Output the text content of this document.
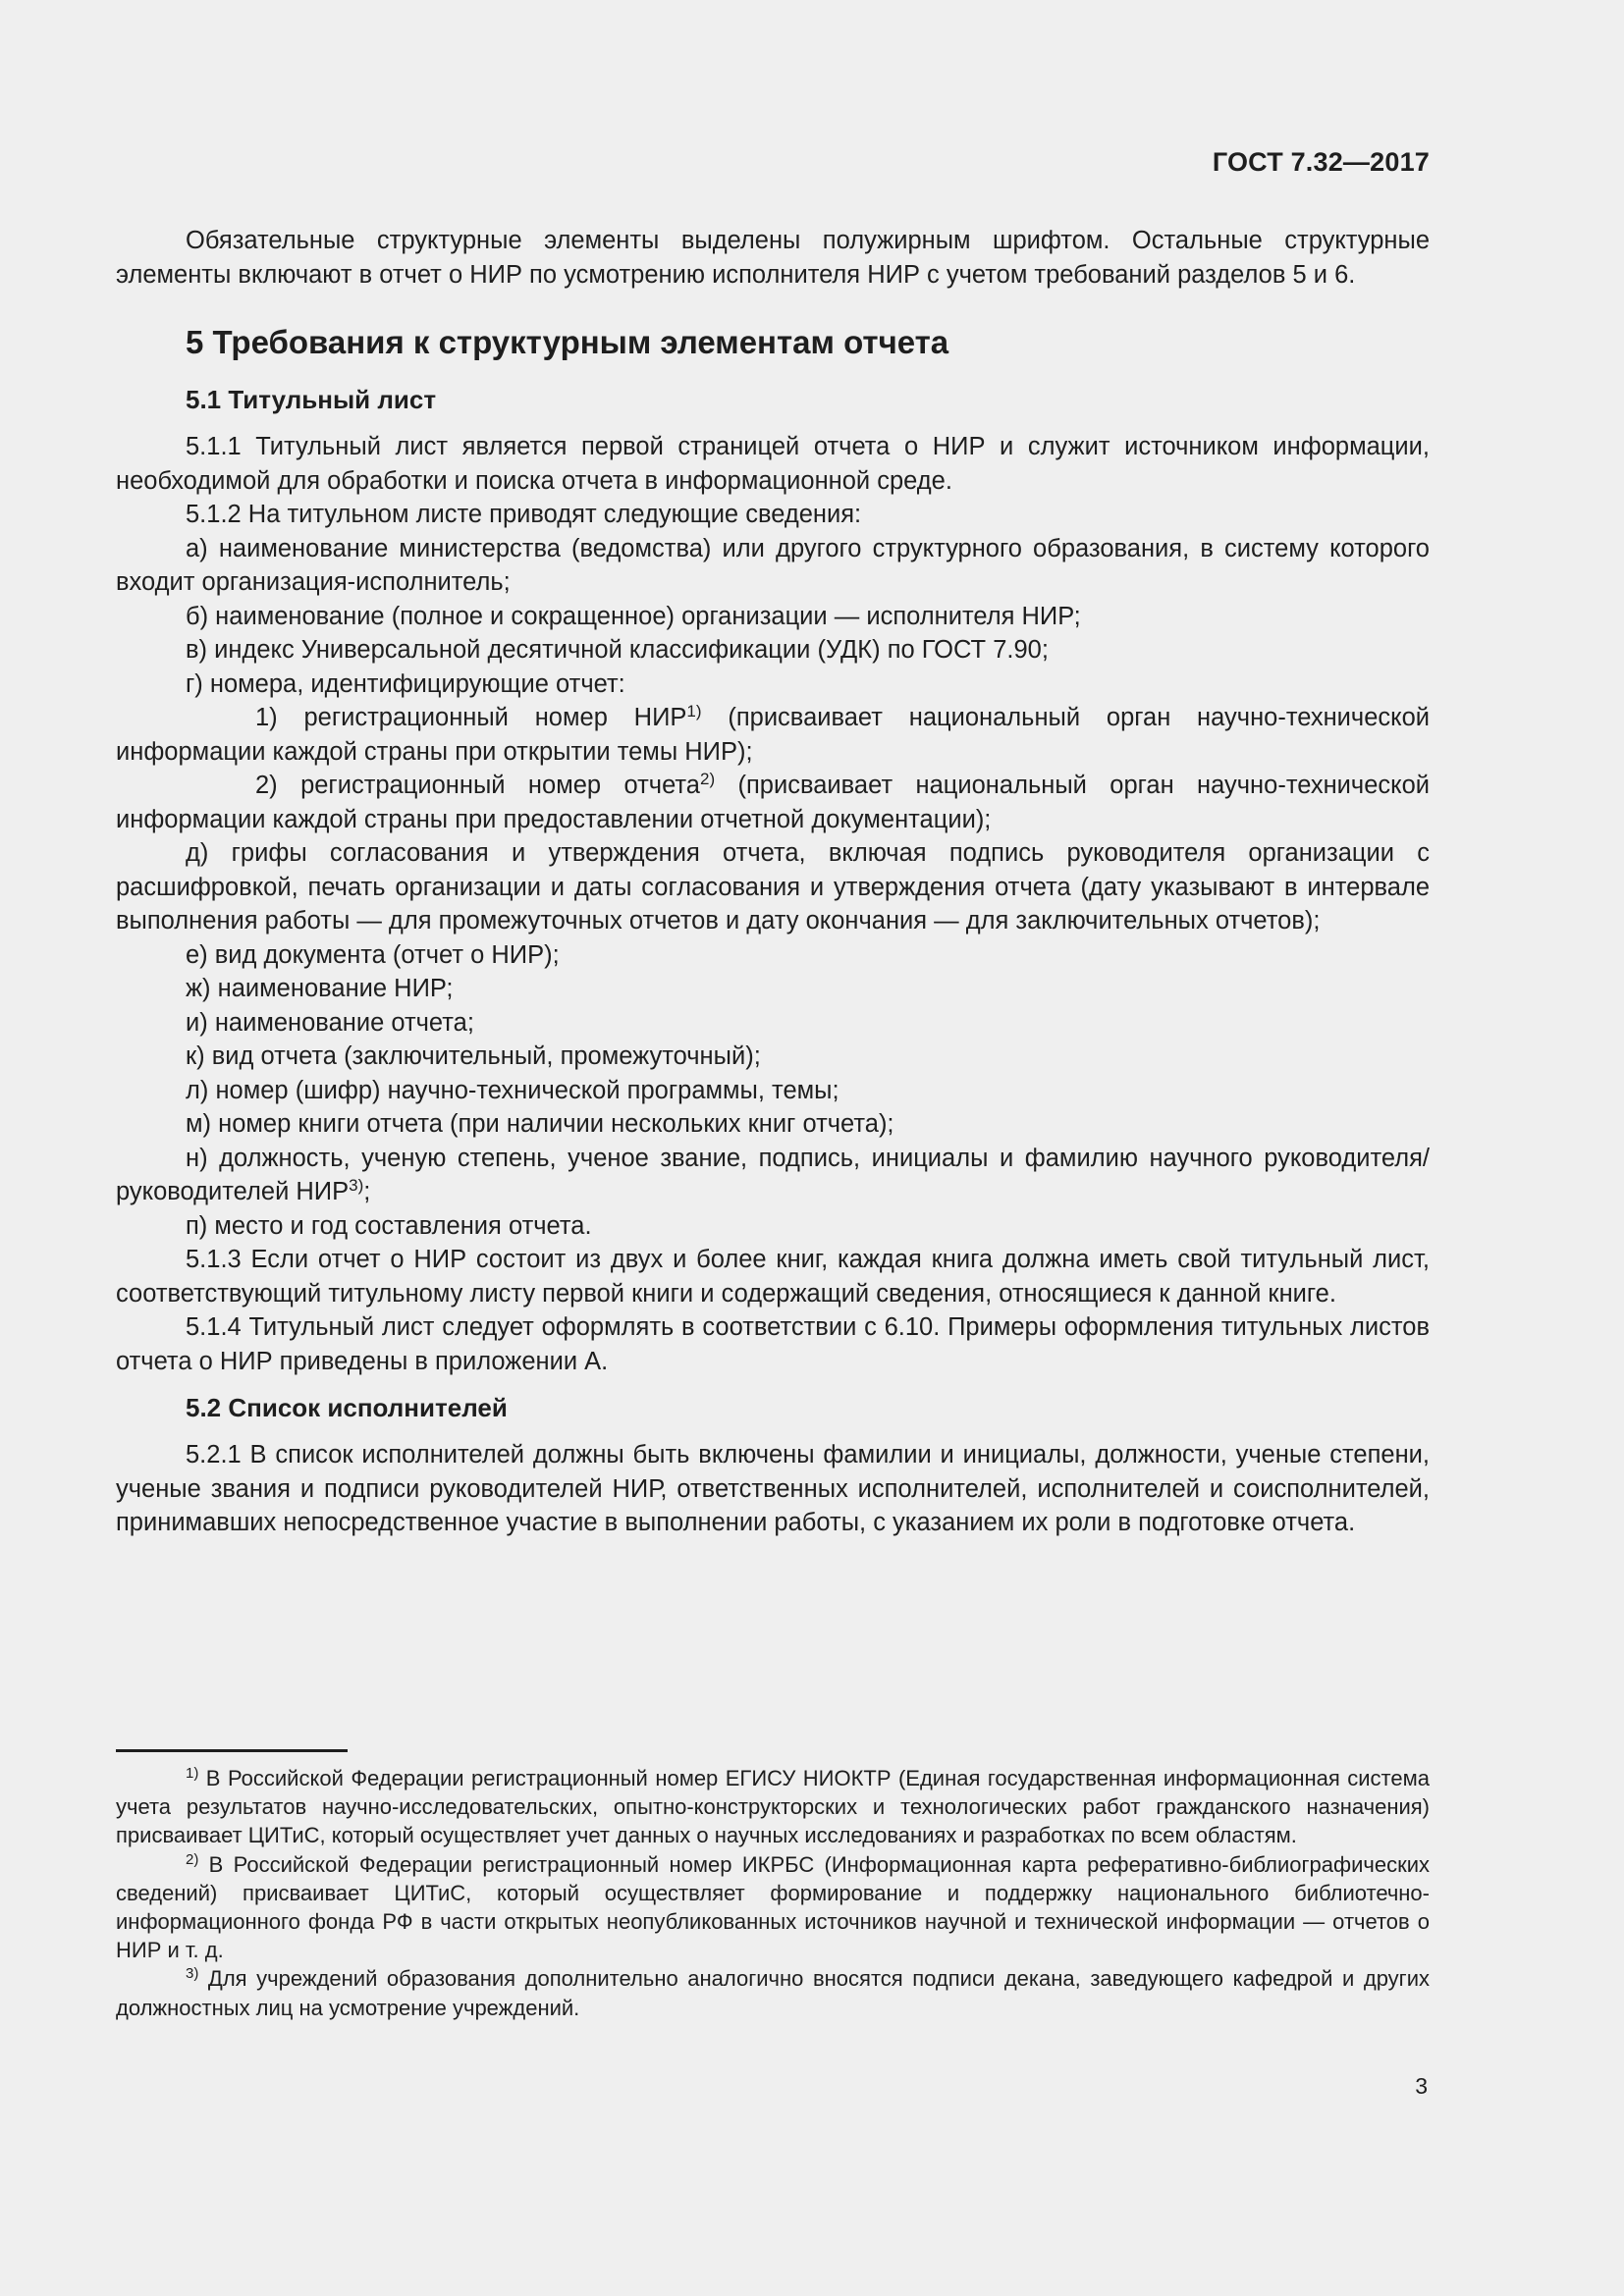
ГОСТ 7.32—2017

Обязательные структурные элементы выделены полужирным шрифтом. Остальные структурные элементы включают в отчет о НИР по усмотрению исполнителя НИР с учетом требований разделов 5 и 6.

5 Требования к структурным элементам отчета
5.1 Титульный лист

5.1.1 Титульный лист является первой страницей отчета о НИР и служит источником информации, необходимой для обработки и поиска отчета в информационной среде.

5.1.2 На титульном листе приводят следующие сведения:

а) наименование министерства (ведомства) или другого структурного образования, в систему которого входит организация-исполнитель;

б) наименование (полное и сокращенное) организации — исполнителя НИР;

в) индекс Универсальной десятичной классификации (УДК) по ГОСТ 7.90;

г) номера, идентифицирующие отчет:

1) регистрационный номер НИР$^{1)}$ (присваивает национальный орган научно-технической информации каждой страны при открытии темы НИР);

2) регистрационный номер отчета$^{2)}$ (присваивает национальный орган научно-технической информации каждой страны при предоставлении отчетной документации);

д) грифы согласования и утверждения отчета, включая подпись руководителя организации с расшифровкой, печать организации и даты согласования и утверждения отчета (дату указывают в интервале выполнения работы — для промежуточных отчетов и дату окончания — для заключительных отчетов);

е) вид документа (отчет о НИР);

ж) наименование НИР;

и) наименование отчета;

к) вид отчета (заключительный, промежуточный);

л) номер (шифр) научно-технической программы, темы;

м) номер книги отчета (при наличии нескольких книг отчета);

н) должность, ученую степень, ученое звание, подпись, инициалы и фамилию научного руководителя/руководителей НИР$^{3)}$;

п) место и год составления отчета.

5.1.3 Если отчет о НИР состоит из двух и более книг, каждая книга должна иметь свой титульный лист, соответствующий титульному листу первой книги и содержащий сведения, относящиеся к данной книге.

5.1.4 Титульный лист следует оформлять в соответствии с 6.10. Примеры оформления титульных листов отчета о НИР приведены в приложении А.

5.2 Список исполнителей

5.2.1 В список исполнителей должны быть включены фамилии и инициалы, должности, ученые степени, ученые звания и подписи руководителей НИР, ответственных исполнителей, исполнителей и соисполнителей, принимавших непосредственное участие в выполнении работы, с указанием их роли в подготовке отчета.

$^{1)}$ В Российской Федерации регистрационный номер ЕГИСУ НИОКТР (Единая государственная информационная система учета результатов научно-исследовательских, опытно-конструкторских и технологических работ гражданского назначения) присваивает ЦИТиС, который осуществляет учет данных о научных исследованиях и разработках по всем областям.

$^{2)}$ В Российской Федерации регистрационный номер ИКРБС (Информационная карта реферативно-библиографических сведений) присваивает ЦИТиС, который осуществляет формирование и поддержку национального библиотечно-информационного фонда РФ в части открытых неопубликованных источников научной и технической информации — отчетов о НИР и т. д.

$^{3)}$ Для учреждений образования дополнительно аналогично вносятся подписи декана, заведующего кафедрой и других должностных лиц на усмотрение учреждений.

3
